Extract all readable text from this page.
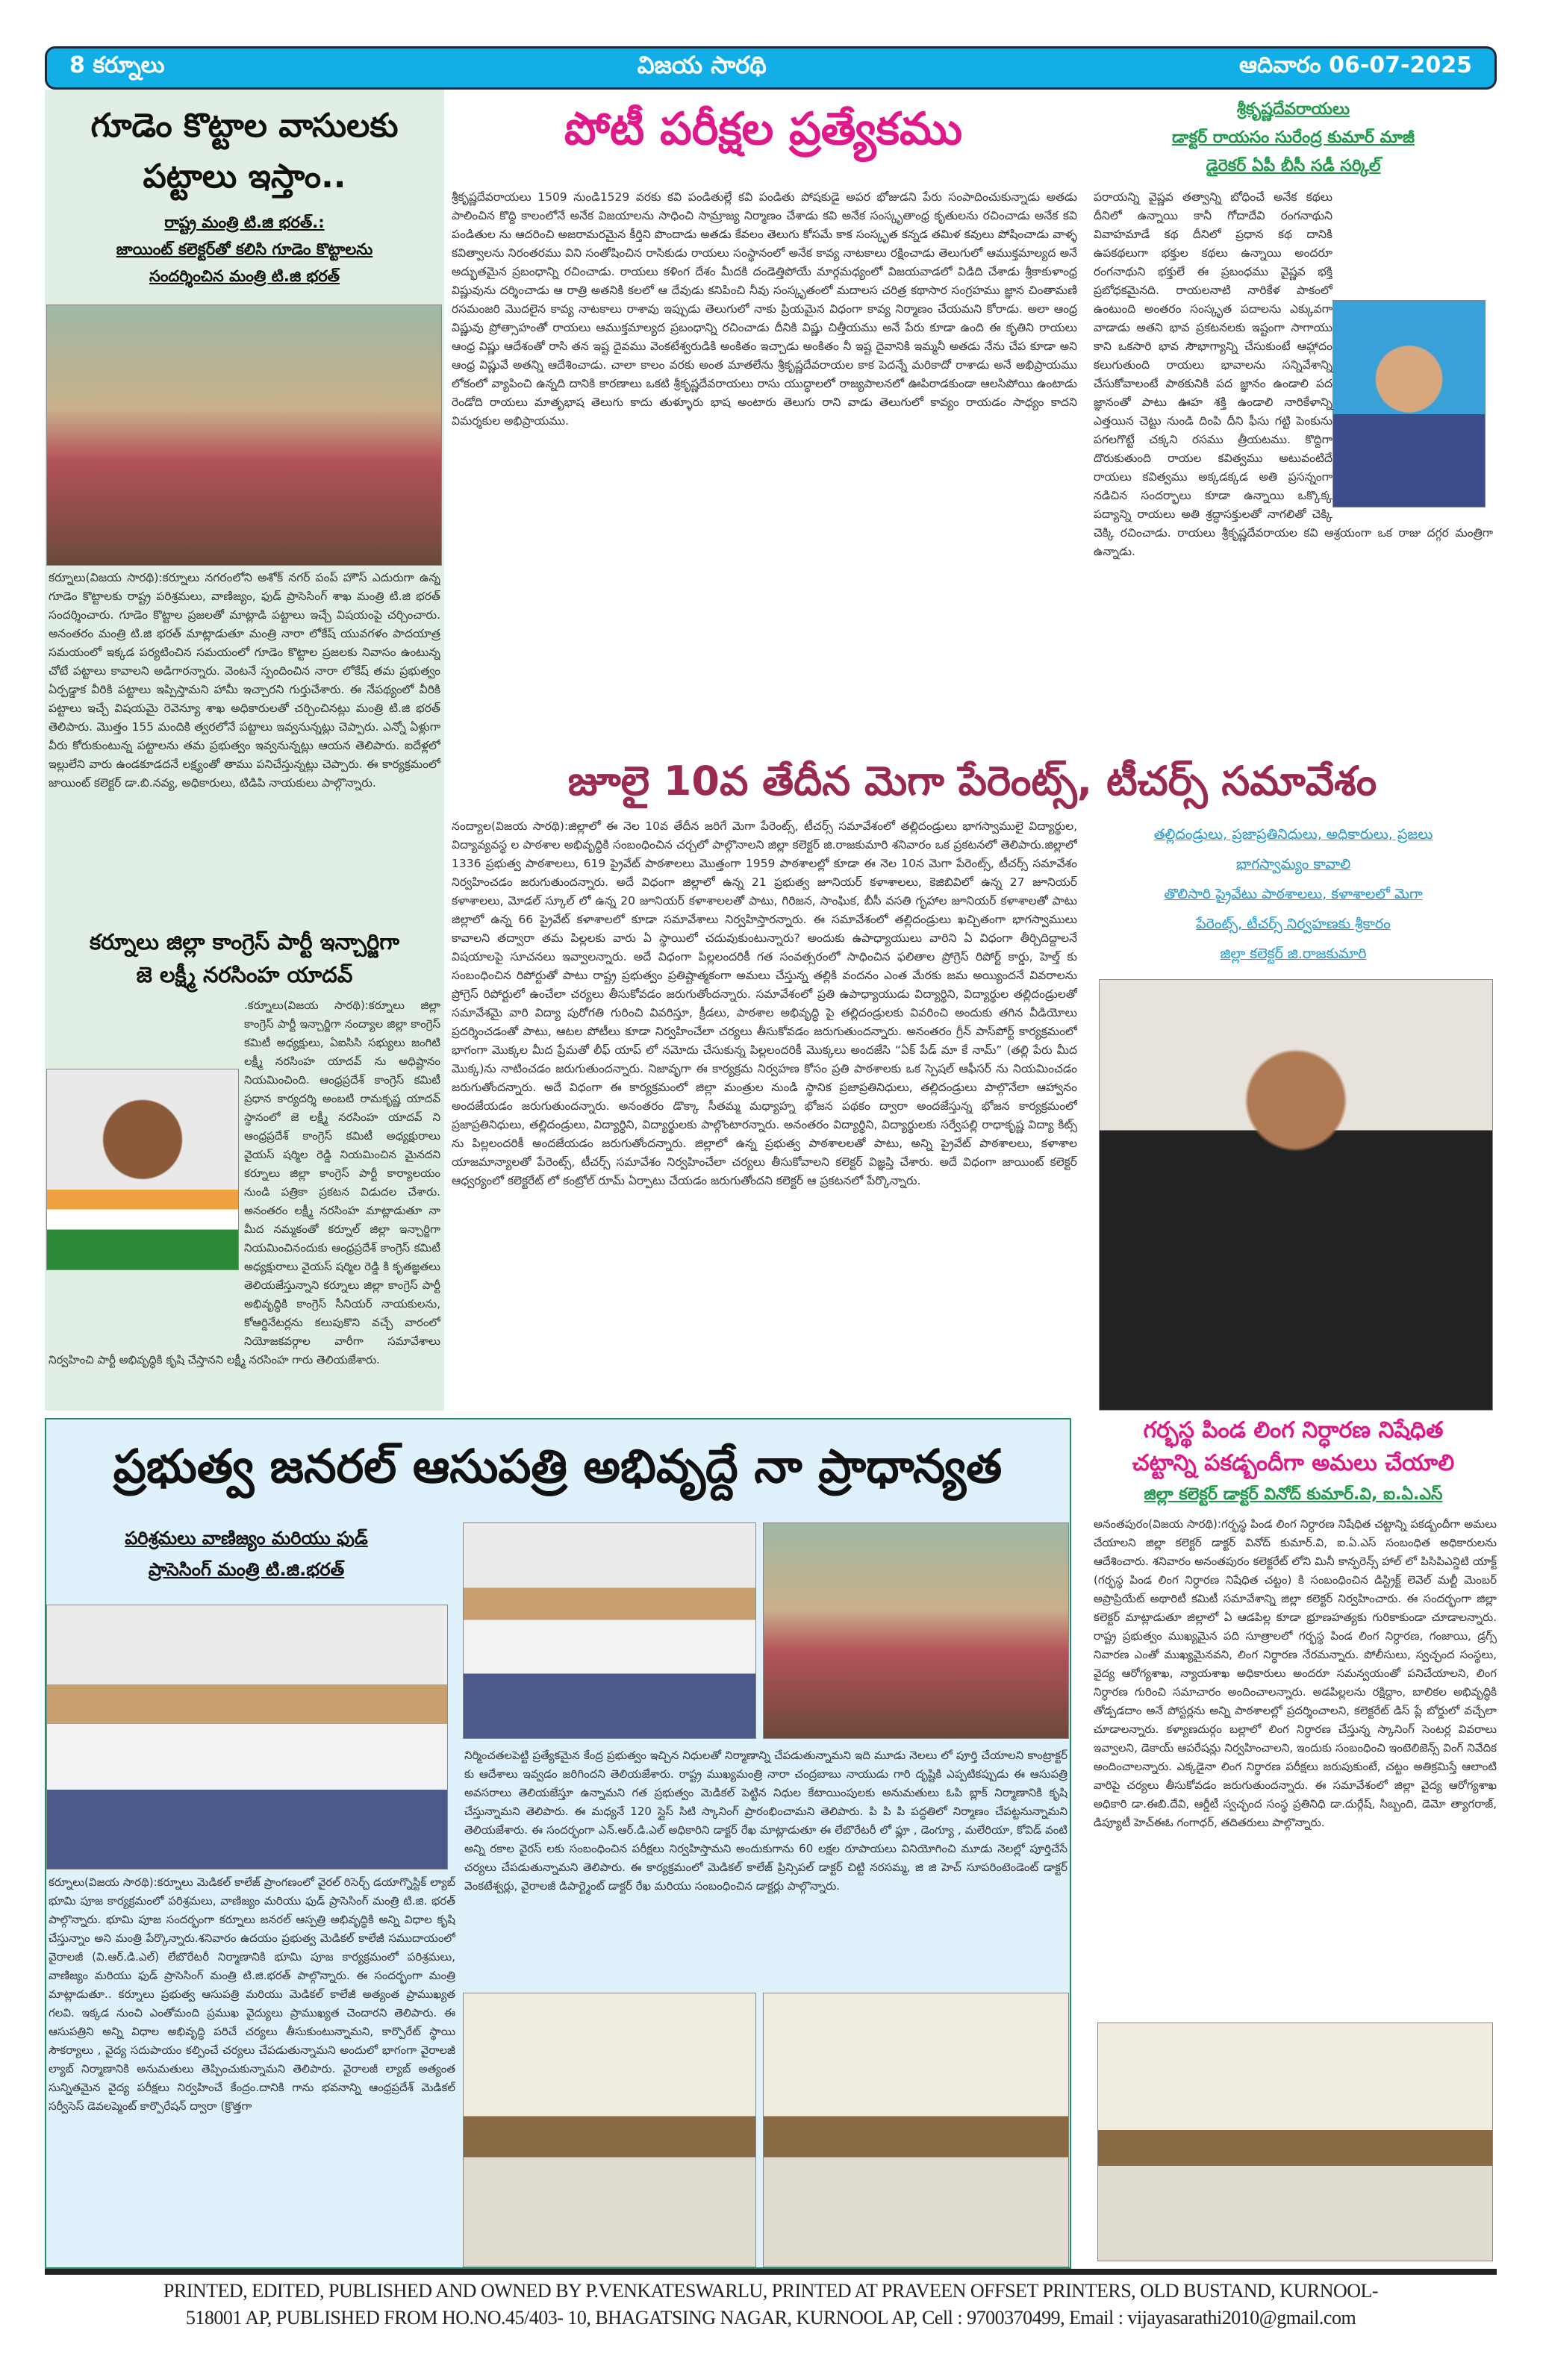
8 కర్నూలు	విజయ సారథి	ఆదివారం 06-07-2025
గూడెం కొట్టాల వాసులకు
పట్టాలు ఇస్తాం..
రాష్ట్ర మంత్రి టి.జి భరత్.:
జాయింట్ కలెక్టర్‌తో కలిసి గూడెం కొట్టాలను
సందర్శించిన మంత్రి టి.జి భరత్
కర్నూలు(విజయ సారథి):కర్నూలు నగరంలోని అశోక్ నగర్ పంప్ హౌస్ ఎదురుగా ఉన్న గూడెం కొట్టాలకు రాష్ట్ర పరిశ్రమలు, వాణిజ్యం, ఫుడ్ ప్రాసెసింగ్ శాఖ మంత్రి టి.జి భరత్ సందర్శించారు. గూడెం కొట్టాల ప్రజలతో మాట్లాడి పట్టాలు ఇచ్చే విషయంపై చర్చించారు. అనంతరం మంత్రి టి.జి భరత్ మాట్లాడుతూ మంత్రి నారా లోకేష్ యువగళం పాదయాత్ర సమయంలో ఇక్కడ పర్యటించిన సమయంలో గూడెం కొట్టాల ప్రజలకు నివాసం ఉంటున్న చోటే పట్టాలు కావాలని అడిగారన్నారు. వెంటనే స్పందించిన నారా లోకేష్ తమ ప్రభుత్వం ఏర్పడ్డాక వీరికి పట్టాలు ఇప్పిస్తామని హామీ ఇచ్చారని గుర్తుచేశారు. ఈ నేపథ్యంలో వీరికి పట్టాలు ఇచ్చే విషయమై రెవెన్యూ శాఖ అధికారులతో చర్చించినట్లు మంత్రి టి.జి భరత్ తెలిపారు. మొత్తం 155 మందికి త్వరలోనే పట్టాలు ఇవ్వనున్నట్లు చెప్పారు. ఎన్నో ఏళ్లుగా వీరు కోరుకుంటున్న పట్టాలను తమ ప్రభుత్వం ఇవ్వనున్నట్లు ఆయన తెలిపారు. ఐదేళ్లలో ఇల్లులేని వారు ఉండకూడదనే లక్ష్యంతో తాము పనిచేస్తున్నట్లు చెప్పారు. ఈ కార్యక్రమంలో జాయింట్ కలెక్టర్ డా.బి.నవ్య, అధికారులు, టిడిపి నాయకులు పాల్గొన్నారు.
కర్నూలు జిల్లా కాంగ్రెస్ పార్టీ ఇన్చార్జిగా
జె లక్ష్మీ నరసింహ యాదవ్
.కర్నూలు(విజయ సారథి):కర్నూలు జిల్లా కాంగ్రెస్ పార్టీ ఇన్చార్జిగా నంద్యాల జిల్లా కాంగ్రెస్ కమిటీ అధ్యక్షులు, ఏఐసిసి సభ్యులు జంగిటి లక్ష్మీ నరసింహ యాదవ్ ను అధిష్టానం నియమించింది. ఆంధ్రప్రదేశ్ కాంగ్రెస్ కమిటీ ప్రధాన కార్యదర్శి అంబటి రామకృష్ణ యాదవ్ స్థానంలో జె లక్ష్మీ నరసింహ యాదవ్ ని ఆంధ్రప్రదేశ్ కాంగ్రెస్ కమిటీ అధ్యక్షురాలు వైయస్ షర్మిల రెడ్డి నియమించిన మైనదని కర్నూలు జిల్లా కాంగ్రెస్ పార్టీ కార్యాలయం నుండి పత్రికా ప్రకటన విడుదల చేశారు. అనంతరం లక్ష్మీ నరసింహ మాట్లాడుతూ నా మీద నమ్మకంతో కర్నూల్ జిల్లా ఇన్చార్జిగా నియమించినందుకు ఆంధ్రప్రదేశ్ కాంగ్రెస్ కమిటీ అధ్యక్షురాలు వైయస్ షర్మిల రెడ్డి కి కృతజ్ఞతలు తెలియజేస్తున్నాని కర్నూలు జిల్లా కాంగ్రెస్ పార్టీ అభివృద్ధికి కాంగ్రెస్ సీనియర్ నాయకులను, కోఆర్డినేటర్లను కలుపుకొని వచ్చే వారంలో నియోజకవర్గాల వారీగా సమావేశాలు నిర్వహించి పార్టీ అభివృద్ధికి కృషి చేస్తానని లక్ష్మీ నరసింహ గారు తెలియజేశారు.
పోటీ పరీక్షల ప్రత్యేకము
శ్రీకృష్ణదేవరాయలు 1509 నుండి1529 వరకు కవి పండితుల్లే కవి పండితు పోషకుడై అపర భోజుడని పేరు సంపాదించుకున్నాడు అతడు పాలించిన కొద్ది కాలంలోనే అనేక విజయాలను సాధించి సామ్రాజ్య నిర్మాణం చేశాడు కవి అనేక సంస్కృతాంధ్ర కృతులను రచించాడు అనేక కవి పండితుల ను ఆదరించి అజరామరమైన కీర్తిని పొందాడు అతడు కేవలం తెలుగు కోసమే కాక సంస్కృత కన్నడ తమిళ కవులు పోషించాడు వాళ్ళ కవిత్వాలను నిరంతరము విని సంతోషించిన రాసికుడు రాయలు సంస్థానంలో అనేక కావ్య నాటకాలు రక్షించాడు తెలుగులో ఆముక్తమాల్యద అనే అద్భుతమైన ప్రబంధాన్ని రచించాడు. రాయలు కళింగ దేశం మీదకి దండెత్తిపోయే మార్గమధ్యంలో విజయవాడలో విడిది చేశాడు శ్రీకాకుళాంధ్ర విష్ణువును దర్శించాడు ఆ రాత్రి అతనికి కలలో ఆ దేవుడు కనిపించి నీవు సంస్కృతంలో మదాలస చరిత్ర కథాసార సంగ్రహము జ్ఞాన చింతామణి రసమంజరి మొదలైన కావ్య నాటకాలు రాశావు ఇప్పుడు తెలుగులో నాకు ప్రియమైన విధంగా కావ్య నిర్మాణం చేయమని కోరాడు. అలా ఆంధ్ర విష్ణువు ప్రోత్సాహంతో రాయలు ఆముక్తమాల్యద ప్రబంధాన్ని రచించాడు దీనికి విష్ణు చిత్తీయము అనే పేరు కూడా ఉంది ఈ కృతిని రాయలు ఆంధ్ర విష్ణు ఆదేశంతో రాసి తన ఇష్ట దైవము వెంకటేశ్వరుడికి అంకితం ఇచ్చాడు అంకితం నీ ఇష్ట దైవానికి ఇమ్మనీ అతడు నేను చేప కూడా అని ఆంధ్ర విష్ణువే అతన్ని ఆదేశించాడు. చాలా కాలం వరకు అంత మాతలేను శ్రీకృష్ణదేవరాయల కాక పెదన్నే మరికాదో రాశాడు అనే అభిప్రాయము లోకంలో వ్యాపించి ఉన్నది దానికి కారణాలు ఒకటి శ్రీకృష్ణదేవరాయలు రాసు యుద్ధాలలో రాజ్యపాలనలో ఊపిరాడకుండా ఆలసిపోయి ఉంటాడు రెండోది రాయలు మాతృభాష తెలుగు కాదు తుళ్ళూరు భాష అంటారు తెలుగు రాని వాడు తెలుగులో కావ్యం రాయడం సాధ్యం కాదని విమర్శకుల అభిప్రాయము.
శ్రీకృష్ణదేవరాయలు
డాక్టర్ రాయసం సురేంద్ర కుమార్ మాజీ
డైరెకర్ ఏపీ బీసీ సడీ సర్కిల్
పరాయన్ని వైష్ణవ తత్వాన్ని బోధించే అనేక కథలు దీనిలో ఉన్నాయి కానీ గోదాదేవి రంగనాథుని వివాహమాడే కథ దీనిలో ప్రధాన కథ దానికి ఉపకథలుగా భక్తుల కథలు ఉన్నాయి అందరూ రంగనాథుని భక్తులే ఈ ప్రబంధము వైష్ణవ భక్తి ప్రబోధకమైనది. రాయలనాటి నారికేళ పాకంలో ఉంటుంది అంతరం సంస్కృత పదాలను ఎక్కువగా వాడాడు అతని భావ ప్రకటనలకు ఇష్టంగా సాగాయు కాని ఒకసారి భావ సౌభాగ్యాన్ని చేసుకుంటే ఆహ్లాదం కలుగుతుంది రాయలు భావాలను సన్నివేశాన్ని చేసుకోవాలంటే పాఠకునికి పద జ్ఞానం ఉండాలి పద జ్ఞానంతో పాటు ఊహ శక్తి ఉండాలి నారికేళాన్ని ఎత్తయిన చెట్టు నుండి దింపి దీని ఫీసు గట్టి పెంకును పగలగొట్టే చక్కని రసము త్రీయటము. కొద్దిగా దొరుకుతుంది రాయల కవిత్వము అటువంటిదే రాయలు కవిత్వము అక్కడక్కడ అతి ప్రసన్నంగా నడిచిన సందర్భాలు కూడా ఉన్నాయి ఒక్కొక్క పద్యాన్ని రాయలు అతి శ్రద్ధాసక్తులతో నాగలితో చెక్కి చెక్కి రచించాడు. రాయలు శ్రీకృష్ణదేవరాయల కవి ఆశ్రయంగా ఒక రాజు దగ్గర మంత్రిగా ఉన్నాడు.
జూలై 10వ తేదీన మెగా పేరెంట్స్, టీచర్స్ సమావేశం
నంద్యాల(విజయ సారథి):జిల్లాలో ఈ నెల 10వ తేదీన జరిగే మెగా పేరెంట్స్, టీచర్స్ సమావేశంలో తల్లిదండ్రులు భాగస్వాములై విద్యార్థుల, విద్యావ్యవస్థ ల పాఠశాల అభివృద్ధికి సంబంధించిన చర్చలో పాల్గొనాలని జిల్లా కలెక్టర్ జి.రాజకుమారి శనివారం ఒక ప్రకటనలో తెలిపారు.జిల్లాలో 1336 ప్రభుత్వ పాఠశాలలు, 619 ప్రైవేట్ పాఠశాలలు మొత్తంగా 1959 పాఠశాలల్లో కూడా ఈ నెల 10న మెగా పేరెంట్స్, టీచర్స్ సమావేశం నిర్వహించడం జరుగుతుందన్నారు. అదే విధంగా జిల్లాలో ఉన్న 21 ప్రభుత్వ జూనియర్ కళాశాలలు, కెజిబివిలో ఉన్న 27 జూనియర్ కళాశాలలు, మోడల్ స్కూల్ లో ఉన్న 20 జూనియర్ కళాశాలలతో పాటు, గిరిజన, సాంఘిక, బీసీ వసతి గృహాల జూనియర్ కళాశాలతో పాటు జిల్లాలో ఉన్న 66 ప్రైవేట్ కళాశాలలో కూడా సమావేశాలు నిర్వహిస్తారన్నారు. ఈ సమావేశంలో తల్లిదండ్రులు ఖచ్చితంగా భాగస్వాములు కావాలని తద్వారా తమ పిల్లలకు వారు ఏ స్థాయిలో చదువుకుంటున్నారు? అందుకు ఉపాధ్యాయులు వారిని ఏ విధంగా తీర్చిదిద్దాలనే విషయాలపై సూచనలు ఇవ్వాలన్నారు. అదే విధంగా పిల్లలందరికీ గత సంవత్సరంలో సాధించిన ఫలితాల ప్రోగ్రెస్ రిపోర్ట్ కార్డు, హెల్త్ కు సంబంధించిన రిపోర్టుతో పాటు రాష్ట్ర ప్రభుత్వం ప్రతిష్టాత్మకంగా అమలు చేస్తున్న తల్లికి వందనం ఎంత మేరకు జమ అయ్యిందనే వివరాలను ప్రోగ్రెస్ రిపోర్టులో ఉంచేలా చర్యలు తీసుకోవడం జరుగుతోందన్నారు. సమావేశంలో ప్రతి ఉపాధ్యాయుడు విద్యార్థిని, విద్యార్థుల తల్లిదండ్రులతో సమావేశమై వారి విద్యా పురోగతి గురించి వివరిస్తూ, క్రీడలు, పాఠశాల అభివృద్ధి పై తల్లిదండ్రులకు వివరించి అందుకు తగిన వీడియోలు ప్రదర్శించడంతో పాటు, ఆటల పోటీలు కూడా నిర్వహించేలా చర్యలు తీసుకోవడం జరుగుతుందన్నారు. అనంతరం గ్రీన్ పాస్‌పోర్ట్ కార్యక్రమంలో భాగంగా మొక్కల మీద ప్రేమతో లీఫ్ యాప్ లో నమోదు చేసుకున్న పిల్లలందరికీ మొక్కలు అందజేసి “ఏక్ పేడ్ మా కే నామ్” (తల్లి పేరు మీద మొక్క)ను నాటించడం జరుగుతుందన్నారు. నిజావృగా ఈ కార్యక్రమ నిర్వహణ కోసం ప్రతి పాఠశాలకు ఒక స్పెషల్ ఆఫీసర్ ను నియమించడం జరుగుతోందన్నారు. అదే విధంగా ఈ కార్యక్రమంలో జిల్లా మంత్రుల నుండి స్థానిక ప్రజాప్రతినిధులు, తల్లిదండ్రులు పాల్గొనేలా ఆహ్వానం అందజేయడం జరుగుతుందన్నారు. అనంతరం డొక్కా సీతమ్మ మధ్యాహ్న భోజన పథకం ద్వారా అందజేస్తున్న భోజన కార్యక్రమంలో ప్రజాప్రతినిధులు, తల్లిదండ్రులు, విద్యార్థిని, విద్యార్థులకు పాల్గొంటారన్నారు. అనంతరం విద్యార్థిని, విద్యార్థులకు సర్వేపల్లి రాధాకృష్ణ విద్యా కిట్స్ ను పిల్లలందరికీ అందజేయడం జరుగుతోందన్నారు. జిల్లాలో ఉన్న ప్రభుత్వ పాఠశాలలతో పాటు, అన్ని ప్రైవేట్ పాఠశాలలు, కళాశాల యాజమాన్యాలతో పేరెంట్స్, టీచర్స్ సమావేశం నిర్వహించేలా చర్యలు తీసుకోవాలని కలెక్టర్ విజ్ఞప్తి చేశారు. అదే విధంగా జాయింట్ కలెక్టర్ ఆధ్వర్యంలో కలెక్టరేట్ లో కంట్రోల్ రూమ్ ఏర్పాటు చేయడం జరుగుతోందని కలెక్టర్ ఆ ప్రకటనలో పేర్కొన్నారు.
తల్లిదండ్రులు, ప్రజాప్రతినిధులు, అధికారులు, ప్రజలు
భాగస్వామ్యం కావాలి
తొలిసారి ప్రైవేటు పాఠశాలలు, కళాశాలలో మెగా
పేరెంట్స్, టీచర్స్ నిర్వహణకు శ్రీకారం
జిల్లా కలెక్టర్ జి.రాజకుమారి
ప్రభుత్వ జనరల్ ఆసుపత్రి అభివృద్దే నా ప్రాధాన్యత
పరిశ్రమలు వాణిజ్యం మరియు ఫుడ్
ప్రాసెసింగ్ మంత్రి టి.జి.భరత్
కర్నూలు(విజయ సారథి):కర్నూలు మెడికల్ కాలేజ్ ప్రాంగణంలో వైరల్ రిసెర్చ్ డయాగ్నొస్టిక్ ల్యాబ్ భూమి పూజ కార్యక్రమంలో పరిశ్రమలు, వాణిజ్యం మరియు ఫుడ్ ప్రాసెసింగ్ మంత్రి టి.జి. భరత్ పాల్గొన్నారు. భూమి పూజ సందర్భంగా కర్నూలు జనరల్ ఆస్పత్రి అభివృద్ధికి అన్ని విధాల కృషి చేస్తున్నాం అని మంత్రి పేర్కొన్నారు.శనివారం ఉదయం ప్రభుత్వ మెడికల్ కాలేజీ సముదాయంలో వైరాలజీ (వి.ఆర్.డి.ఎల్) లేబొరేటరీ నిర్మాణానికి భూమి పూజ కార్యక్రమంలో పరిశ్రమలు, వాణిజ్యం మరియు ఫుడ్ ప్రాసెసింగ్ మంత్రి టి.జి.భరత్ పాల్గొన్నారు. ఈ సందర్భంగా మంత్రి మాట్లాడుతూ.. కర్నూలు ప్రభుత్వ ఆసుపత్రి మరియు మెడికల్ కాలేజీ అత్యంత ప్రాముఖ్యత గలవి. ఇక్కడ నుంచి ఎంతోమంది ప్రముఖ వైద్యులు ప్రాముఖ్యత చెందారని తెలిపారు. ఈ ఆసుపత్రిని అన్ని విధాల అభివృద్ధి పరిచే చర్యలు తీసుకుంటున్నామని, కార్పొరేట్ స్థాయి సౌకర్యాలు , వైద్య సదుపాయం కల్పించే చర్యలు చేపడుతున్నామని అందులో భాగంగా వైరాలజీ ల్యాబ్ నిర్మాణానికి అనుమతులు తెప్పించుకున్నామని తెలిపారు. వైరాలజీ ల్యాబ్ అత్యంత సున్నితమైన వైద్య పరీక్షలు నిర్వహించే కేంద్రం.దానికి గాను భవనాన్ని ఆంధ్రప్రదేశ్ మెడికల్ సర్వీసెస్ డెవలప్మెంట్ కార్పొరేషన్ ద్వారా (క్రొత్తగా
నిర్మించతలపెట్టి ప్రత్యేకమైన కేంద్ర ప్రభుత్వం ఇచ్చిన నిధులతో నిర్మాణాన్ని చేపడుతున్నామని ఇది మూడు నెలలు లో పూర్తి చేయాలని కాంట్రాక్టర్ కు ఆదేశాలు ఇవ్వడం జరిగిందని తెలియజేశారు. రాష్ట్ర ముఖ్యమంత్రి నారా చంద్రబాబు నాయుడు గారి దృష్టికి ఎప్పటికప్పుడు ఈ ఆసుపత్రి అవసరాలు తెలియజేస్తూ ఉన్నామని గత ప్రభుత్వం మెడికల్ పెట్టిన నిధుల కేటాయింపులకు అనుమతులు ఓపి బ్లాక్ నిర్మాణానికి కృషి చేస్తున్నామని తెలిపారు. ఈ మధ్యనే 120 స్లైస్ సిటి స్కానింగ్ ప్రారంభించామని తెలిపారు. పి పి పి పద్ధతిలో నిర్మాణం చేపట్టనున్నామని తెలియజేశారు. ఈ సందర్భంగా ఎన్.ఆర్.డి.ఎల్ అధికారిని డాక్టర్ రేఖ మాట్లాడుతూ ఈ లేబొరేటరీ లో ఫ్లూ , డెంగ్యూ , మలేరియా, కోవిడ్ వంటి అన్ని రకాల వైరస్ లకు సంబంధించిన పరీక్షలు నిర్వహిస్తామని అందుకుగాను 60 లక్షల రూపాయలు వినియోగించి మూడు నెలల్లో పూర్తిచేసే చర్యలు చేపడుతున్నామని తెలిపారు. ఈ కార్యక్రమంలో మెడికల్ కాలేజ్ ప్రిన్సిపల్ డాక్టర్ చిట్టి నరసమ్మ, జి జి హెచ్ సూపరింటెండెంట్ డాక్టర్ వెంకటేశ్వర్లు, వైరాలజీ డిపార్ట్మెంట్ డాక్టర్ రేఖ మరియు సంబంధించిన డాక్టర్లు పాల్గొన్నారు.
గర్భస్థ పిండ లింగ నిర్ధారణ నిషేధిత
చట్టాన్ని పకడ్బందీగా అమలు చేయాలి
జిల్లా కలెక్టర్ డాక్టర్ వినోద్ కుమార్.వి, ఐ.ఏ.ఎస్
అనంతపురం(విజయ సారథి):గర్భస్థ పిండ లింగ నిర్ధారణ నిషేధిత చట్టాన్ని పకడ్బందీగా అమలు చేయాలని జిల్లా కలెక్టర్ డాక్టర్ వినోద్ కుమార్.వి, ఐ.ఏ.ఎస్ సంబంధిత అధికారులను ఆదేశించారు. శనివారం అనంతపురం కలెక్టరేట్ లోని మినీ కాన్ఫరెన్స్ హాల్ లో పిసిపిఎన్డిటి యాక్ట్ (గర్భస్థ పిండ లింగ నిర్ధారణ నిషేధిత చట్టం) కి సంబంధించిన డిస్ట్రిక్ట్ లెవెల్ మల్టీ మెంబర్ అప్రాప్రియేట్ అథారిటీ కమిటీ సమావేశాన్ని జిల్లా కలెక్టర్ నిర్వహించారు. ఈ సందర్భంగా జిల్లా కలెక్టర్ మాట్లాడుతూ జిల్లాలో ఏ ఆడపిల్ల కూడా భ్రూణహత్యకు గురికాకుండా చూడాలన్నారు. రాష్ట్ర ప్రభుత్వం ముఖ్యమైన పది సూత్రాలలో గర్భస్థ పిండ లింగ నిర్ధారణ, గంజాయి, డ్రగ్స్ నివారణ ఎంతో ముఖ్యమైనవని, లింగ నిర్ధారణ నేరమన్నారు. పోలీసులు, స్వచ్ఛంద సంస్థలు, వైద్య ఆరోగ్యశాఖ, న్యాయశాఖ అధికారులు అందరూ సమన్వయంతో పనిచేయాలని, లింగ నిర్ధారణ గురించి సమాచారం అందించాలన్నారు. అడపిల్లలను రక్షిద్దాం, బాలికల అభివృద్ధికి తోడ్పడదాం అనే పోస్టర్లను అన్ని పాఠశాలల్లో ప్రదర్శించాలని, కలెక్టరేట్ డిస్ ప్లే బోర్డులో వచ్చేలా చూడాలన్నారు. కళ్యాణదుర్గం బల్లాలో లింగ నిర్ధారణ చేస్తున్న స్కానింగ్ సెంటర్ల వివరాలు ఇవ్వాలని, డెకాయ్ ఆపరేషన్లు నిర్వహించాలని, ఇందుకు సంబంధించి ఇంటెలిజెన్స్ వింగ్ నివేదిక అందించాలన్నారు. ఎక్కడైనా లింగ నిర్ధారణ పరీక్షలు జరుపుకుంటే, చట్టం అతిక్రమిస్తే ఆలాంటి వారిపై చర్యలు తీసుకోవడం జరుగుతుందన్నారు. ఈ సమావేశంలో జిల్లా వైద్య ఆరోగ్యశాఖ అధికారి డా.ఈబి.దేవి, ఆర్డీటీ స్వచ్ఛంద సంస్థ ప్రతినిధి డా.దుర్గేష్, సిబ్బంది, డెమో త్యాగరాజ్, డిప్యూటీ హెచ్ఈఓ గంగాధర్, తదితరులు పాల్గొన్నారు.
PRINTED, EDITED, PUBLISHED AND OWNED BY P.VENKATESWARLU, PRINTED AT PRAVEEN OFFSET PRINTERS, OLD BUSTAND, KURNOOL-
518001 AP, PUBLISHED FROM HO.NO.45/403- 10, BHAGATSING NAGAR, KURNOOL AP, Cell : 9700370499, Email : vijayasarathi2010@gmail.com
